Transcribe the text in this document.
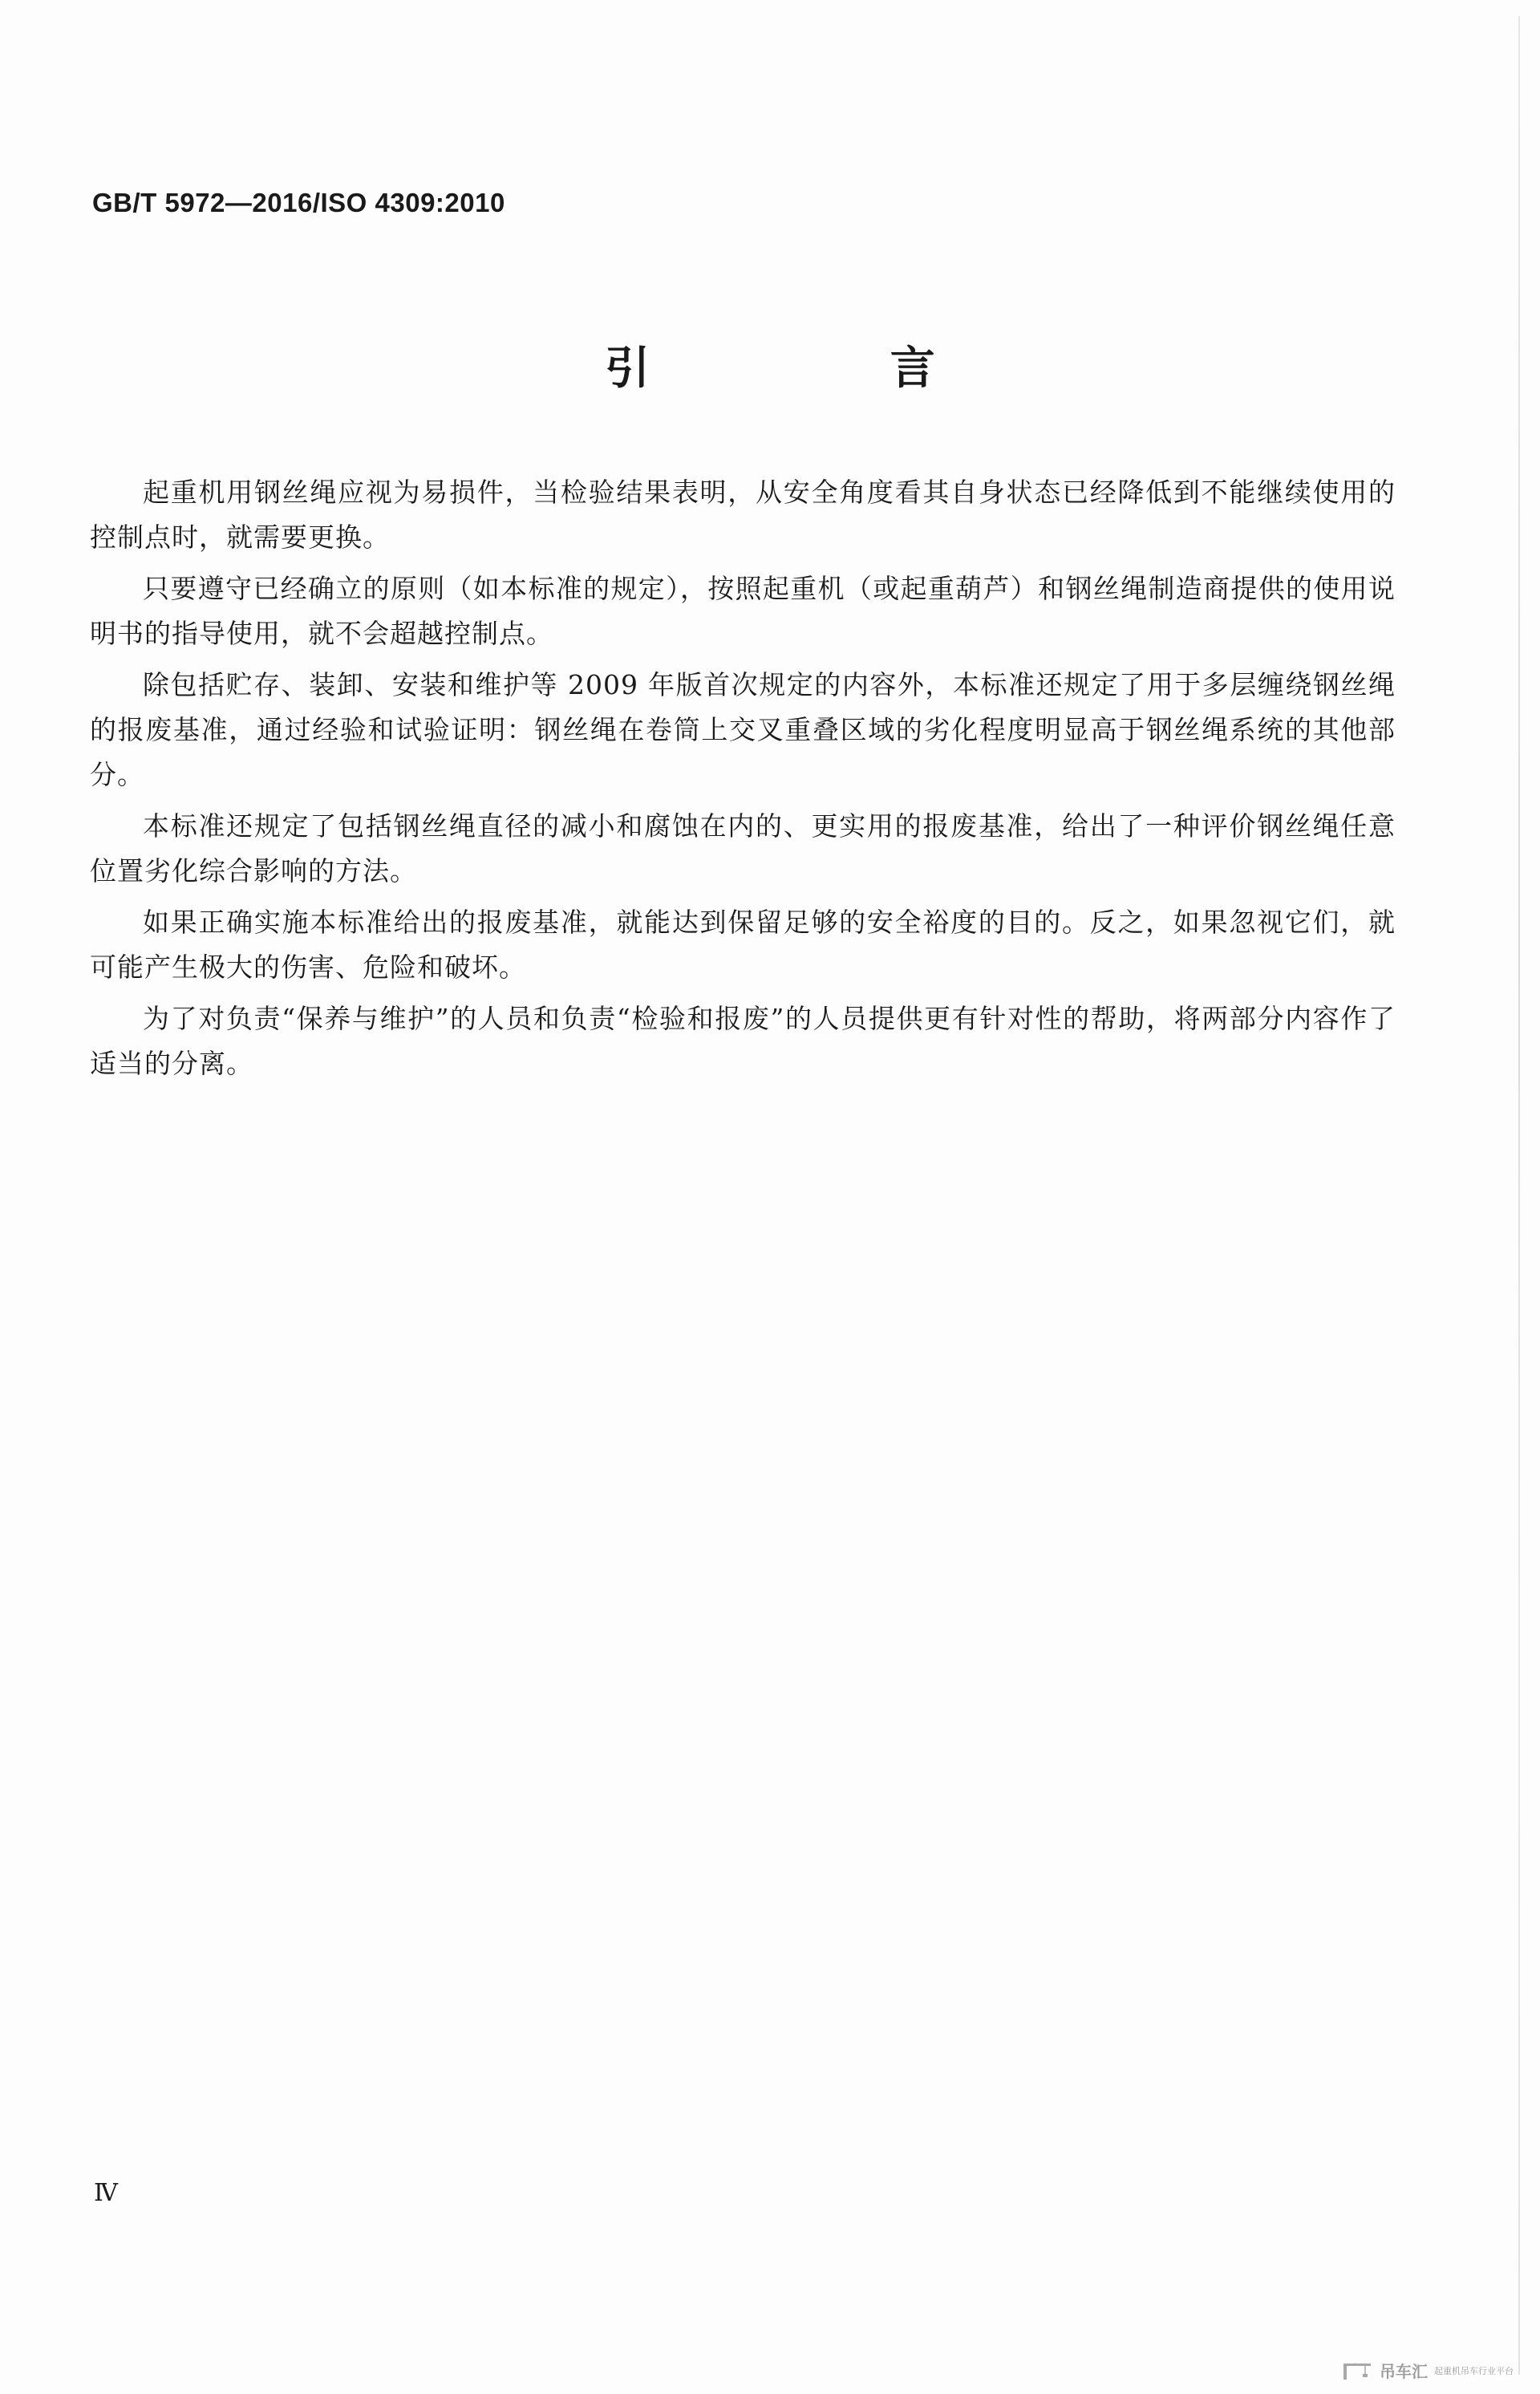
GB/T 5972—2016/ISO 4309:2010
引 言

起重机用钢丝绳应视为易损件，当检验结果表明，从安全角度看其自身状态已经降低到不能继续使用的控制点时，就需要更换。

只要遵守已经确立的原则（如本标准的规定），按照起重机（或起重葫芦）和钢丝绳制造商提供的使用说明书的指导使用，就不会超越控制点。

除包括贮存、装卸、安装和维护等 2009 年版首次规定的内容外，本标准还规定了用于多层缠绕钢丝绳的报废基准，通过经验和试验证明：钢丝绳在卷筒上交叉重叠区域的劣化程度明显高于钢丝绳系统的其他部分。

本标准还规定了包括钢丝绳直径的减小和腐蚀在内的、更实用的报废基准，给出了一种评价钢丝绳任意位置劣化综合影响的方法。

如果正确实施本标准给出的报废基准，就能达到保留足够的安全裕度的目的。反之，如果忽视它们，就可能产生极大的伤害、危险和破坏。

为了对负责“保养与维护”的人员和负责“检验和报废”的人员提供更有针对性的帮助，将两部分内容作了适当的分离。

Ⅳ
吊车汇 起重机吊车行业平台
